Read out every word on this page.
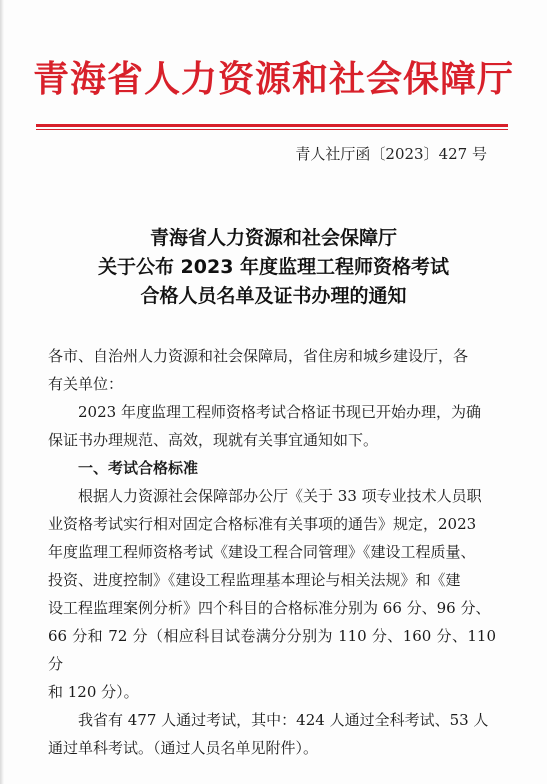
青海省人力资源和社会保障厅
青人社厅函〔2023〕427 号
青海省人力资源和社会保障厅
关于公布 2023 年度监理工程师资格考试
合格人员名单及证书办理的通知

各市、自治州人力资源和社会保障局，省住房和城乡建设厅，各

有关单位：

2023 年度监理工程师资格考试合格证书现已开始办理，为确

保证书办理规范、高效，现就有关事宜通知如下。

一、考试合格标准

根据人力资源社会保障部办公厅《关于 33 项专业技术人员职

业资格考试实行相对固定合格标准有关事项的通告》规定，2023

年度监理工程师资格考试《建设工程合同管理》《建设工程质量、

投资、进度控制》《建设工程监理基本理论与相关法规》和《建

设工程监理案例分析》四个科目的合格标准分别为 66 分、96 分、

66 分和 72 分（相应科目试卷满分分别为 110 分、160 分、110 分

和 120 分）。

我省有 477 人通过考试，其中：424 人通过全科考试、53 人

通过单科考试。（通过人员名单见附件）。
